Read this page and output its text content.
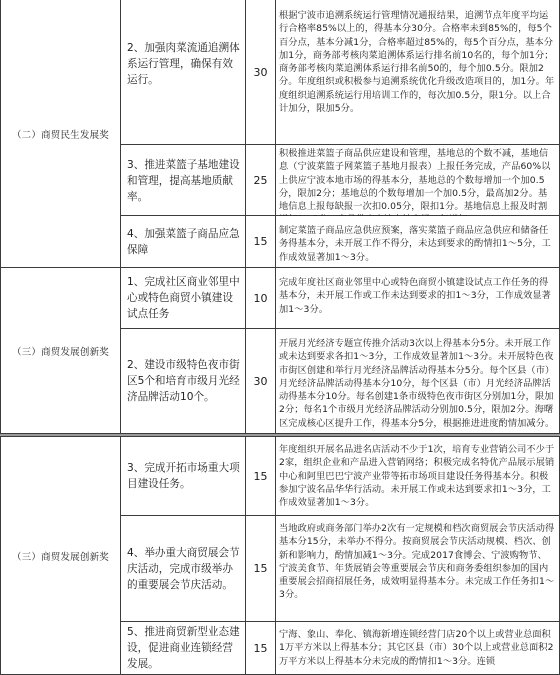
（二）商贸民生发展奖
2、加强肉菜流通追溯体系运行管理，确保有效运行。
30
根据宁波市追溯系统运行管理情况通报结果，追溯节点年度平均运行合格率85%以上的，得基本分30分。合格率未到85%的，每5个百分点，基本分减1分，合格率超过85%的，每5个百分点，基本分加1分，商务部考核肉菜追溯体系运行排名前10名的，每个加1分；商务部考核肉菜追溯体系运行排名前50的，每个加0.5分。限加2分。年度组织或积极参与追溯系统优化升级改造项目的，加1分。年度组织追溯系统运行用培训工作的，每次加0.5分，限1分。以上合计加分，限加5分。
3、推进菜篮子基地建设和管理，提高基地质献率。
25
积极推进菜篮子商品供应建设和管理，基地总的个数不减，基地信息（宁波菜篮子网菜篮子基地月报表）上报任务完成，产品60%以上供应宁波本地市场的得基本分，基地总的个数每增加一个加0.5分，限加2分；基地总的个数每增加一个加0.5分，最高加2分。基地信息上报每缺报一次扣0.05分，限扣1分。基地信息上报及时割
4、加强菜篮子商品应急保障
15
制定菜篮子商品应急供应预案，落实菜篮子商品应急供应和储备任务得基本分，未开展工作不得分，未达到要求的酌情扣1～5分，工作成效显著加1～3分。
（三）商贸发展创新奖
1、完成社区商业邻里中心或特色商贸小镇建设试点任务
10
完成年度社区商业邻里中心或特色商贸小镇建设试点工作任务的得基本分，未开展工作或工作未达到要求的扣1～3分，工作成效显著加1～3分。
2、建设市级特色夜市街区5个和培育市级月光经济品牌活动10个。
30
开展月光经济专题宣传推介活动3次以上得基本分5分。未开展工作或未达到要求各扣1～3分，工作成效显著加1～3分。未开展特色夜市街区创建和举行月光经济品牌活动得基本分5分。每个区县（市）月光经济品牌活动得基本分10分，每个区县（市）月光经济品牌活动得基本分10分。每名创建1条市级特色夜市街区分别加1分，限加2分；每名1个市级月光经济品牌活动分别加0.5分，限加2分。海曙区完成核心区提升工作，得基本分5分，根据推进进度酌情加减分。
（三）商贸发展创新奖
3、完成开拓市场重大项目建设任务。
15
年度组织开展名品进名店活动不少于1次，培育专业营销公司不少于2家，组织企业和产品进入营销网络；积极完成名特优产品展示展销中心和阿里巴巴宁波产业带等拓市场项目建设任务得基本分。积极参加宁波名品华华行活动。未开展工作或未达到要求扣1～3分，工作成效显著加1～3分。
4、举办重大商贸展会节庆活动，完成市级举办的重要展会节庆活动。
15
当地政府或商务部门举办2次有一定规模和档次商贸展会节庆活动得基本分15分，未举办不得分。按商贸展会节庆活动规模、档次、创新和影响力，酌情加减1～3分。完成2017食博会、宁波购物节、宁波美食节、年货展销会等重要展会节庆和商务委组织参加的国内重要展会招商招展任务，成效明显得基本分。未完成工作任务扣1～3分。
5、推进商贸新型业态建设，促进商业连锁经营发展。
15
宁海、象山、奉化、镇海新增连锁经营门店20个以上或营业总面积1万平方米以上得基本分；其它区县（市）30个以上或营业总面积2万平方米以上得基本分未完成的酌情扣1～3分。连锁
